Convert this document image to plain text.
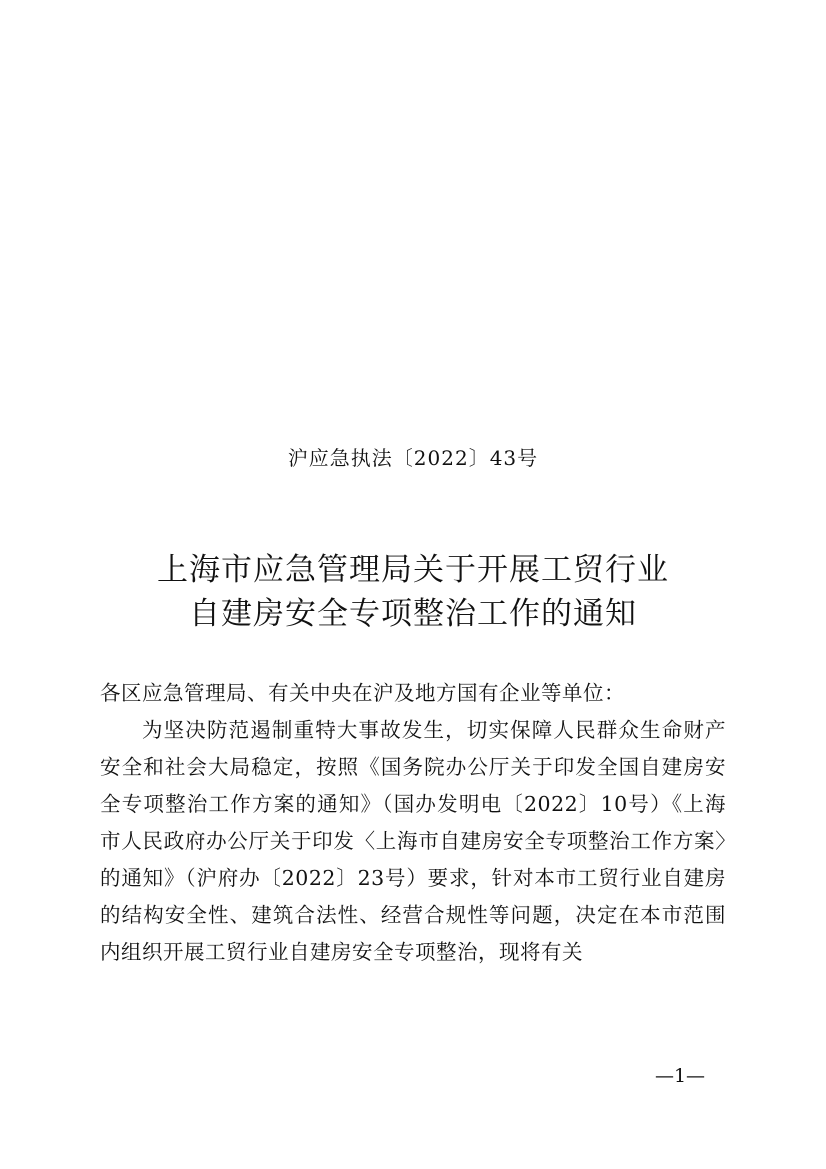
沪应急执法〔2022〕43号
上海市应急管理局关于开展工贸行业
自建房安全专项整治工作的通知

各区应急管理局、有关中央在沪及地方国有企业等单位：

为坚决防范遏制重特大事故发生，切实保障人民群众生命财产安全和社会大局稳定，按照《国务院办公厅关于印发全国自建房安全专项整治工作方案的通知》（国办发明电〔2022〕10号）《上海市人民政府办公厅关于印发〈上海市自建房安全专项整治工作方案〉的通知》（沪府办〔2022〕23号）要求，针对本市工贸行业自建房的结构安全性、建筑合法性、经营合规性等问题，决定在本市范围内组织开展工贸行业自建房安全专项整治，现将有关

—1—
